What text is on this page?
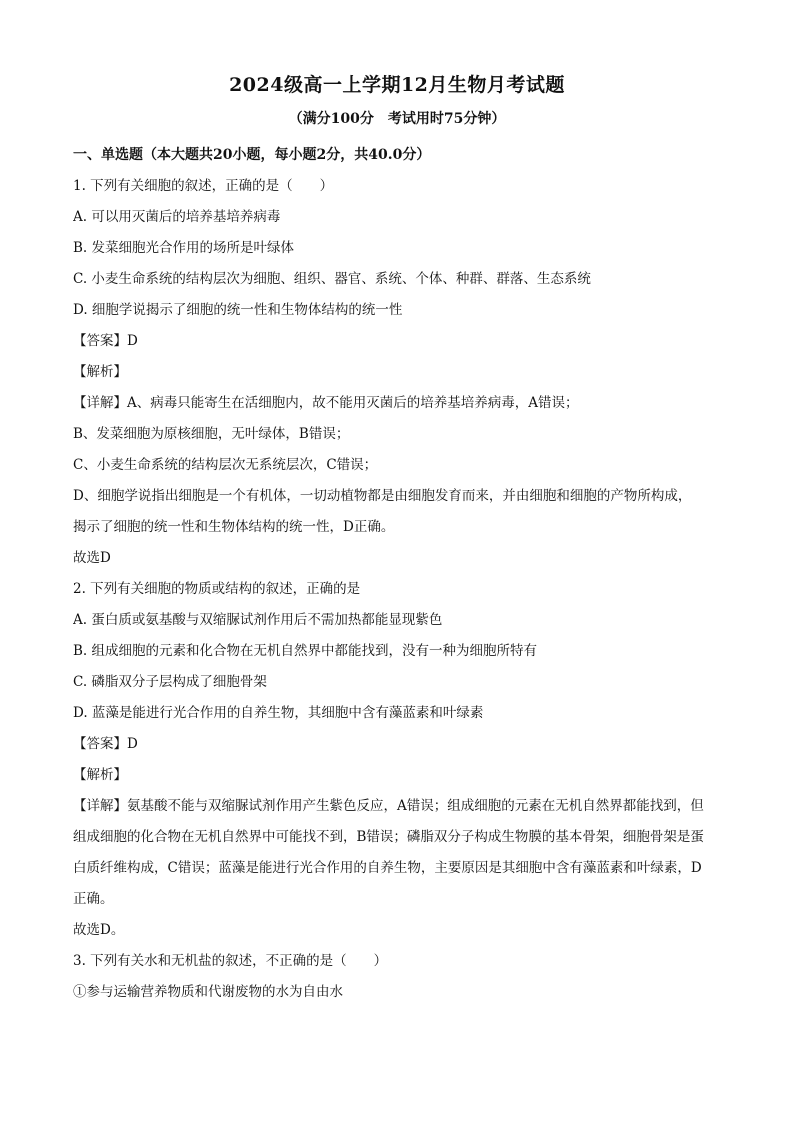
2024级高一上学期12月生物月考试题
（满分100分　考试用时75分钟）
一、单选题（本大题共20小题，每小题2分，共40.0分）
1. 下列有关细胞的叙述，正确的是（　　）
A. 可以用灭菌后的培养基培养病毒
B. 发菜细胞光合作用的场所是叶绿体
C. 小麦生命系统的结构层次为细胞、组织、器官、系统、个体、种群、群落、生态系统
D. 细胞学说揭示了细胞的统一性和生物体结构的统一性
【答案】D
【解析】
【详解】A、病毒只能寄生在活细胞内，故不能用灭菌后的培养基培养病毒，A错误；
B、发菜细胞为原核细胞，无叶绿体，B错误；
C、小麦生命系统的结构层次无系统层次，C错误；
D、细胞学说指出细胞是一个有机体，一切动植物都是由细胞发育而来，并由细胞和细胞的产物所构成，
揭示了细胞的统一性和生物体结构的统一性，D正确。
故选D
2. 下列有关细胞的物质或结构的叙述，正确的是
A. 蛋白质或氨基酸与双缩脲试剂作用后不需加热都能显现紫色
B. 组成细胞的元素和化合物在无机自然界中都能找到，没有一种为细胞所特有
C. 磷脂双分子层构成了细胞骨架
D. 蓝藻是能进行光合作用的自养生物，其细胞中含有藻蓝素和叶绿素
【答案】D
【解析】
【详解】氨基酸不能与双缩脲试剂作用产生紫色反应，A错误；组成细胞的元素在无机自然界都能找到，但
组成细胞的化合物在无机自然界中可能找不到，B错误；磷脂双分子构成生物膜的基本骨架，细胞骨架是蛋
白质纤维构成，C错误；蓝藻是能进行光合作用的自养生物，主要原因是其细胞中含有藻蓝素和叶绿素，D
正确。
故选D。
3. 下列有关水和无机盐的叙述，不正确的是（　　）
①参与运输营养物质和代谢废物的水为自由水
